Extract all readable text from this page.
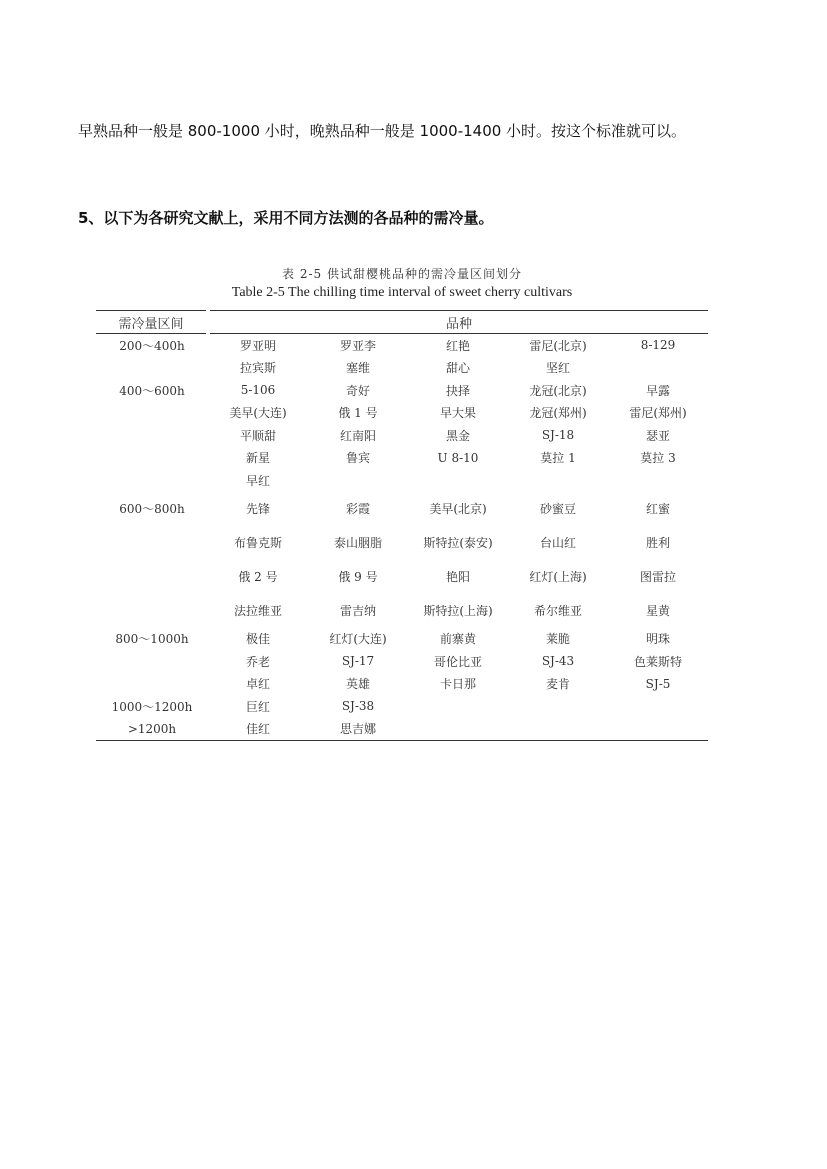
早熟品种一般是 800-1000 小时，晚熟品种一般是 1000-1400 小时。按这个标准就可以。
5、以下为各研究文献上，采用不同方法测的各品种的需冷量。
表 2-5 供试甜樱桃品种的需冷量区间划分
Table 2-5 The chilling time interval of sweet cherry cultivars
需冷量区间	品种				
200～400h	罗亚明	罗亚李	红艳	雷尼(北京)	8-129
	拉宾斯	塞维	甜心	坚红	
400～600h	5-106	奇好	抉择	龙冠(北京)	早露
	美早(大连)	俄 1 号	早大果	龙冠(郑州)	雷尼(郑州)
	平顺甜	红南阳	黑金	SJ-18	瑟亚
	新星	鲁宾	U 8-10	莫拉 1	莫拉 3
	早红				
600～800h	先锋	彩霞	美早(北京)	砂蜜豆	红蜜
	布鲁克斯	泰山胭脂	斯特拉(泰安)	台山红	胜利
	俄 2 号	俄 9 号	艳阳	红灯(上海)	图雷拉
	法拉维亚	雷吉纳	斯特拉(上海)	希尔维亚	星黄
800～1000h	极佳	红灯(大连)	前寨黄	莱脆	明珠
	乔老	SJ-17	哥伦比亚	SJ-43	色莱斯特
	卓红	英雄	卡日那	麦肯	SJ-5
1000～1200h	巨红	SJ-38			
>1200h	佳红	思吉娜			
